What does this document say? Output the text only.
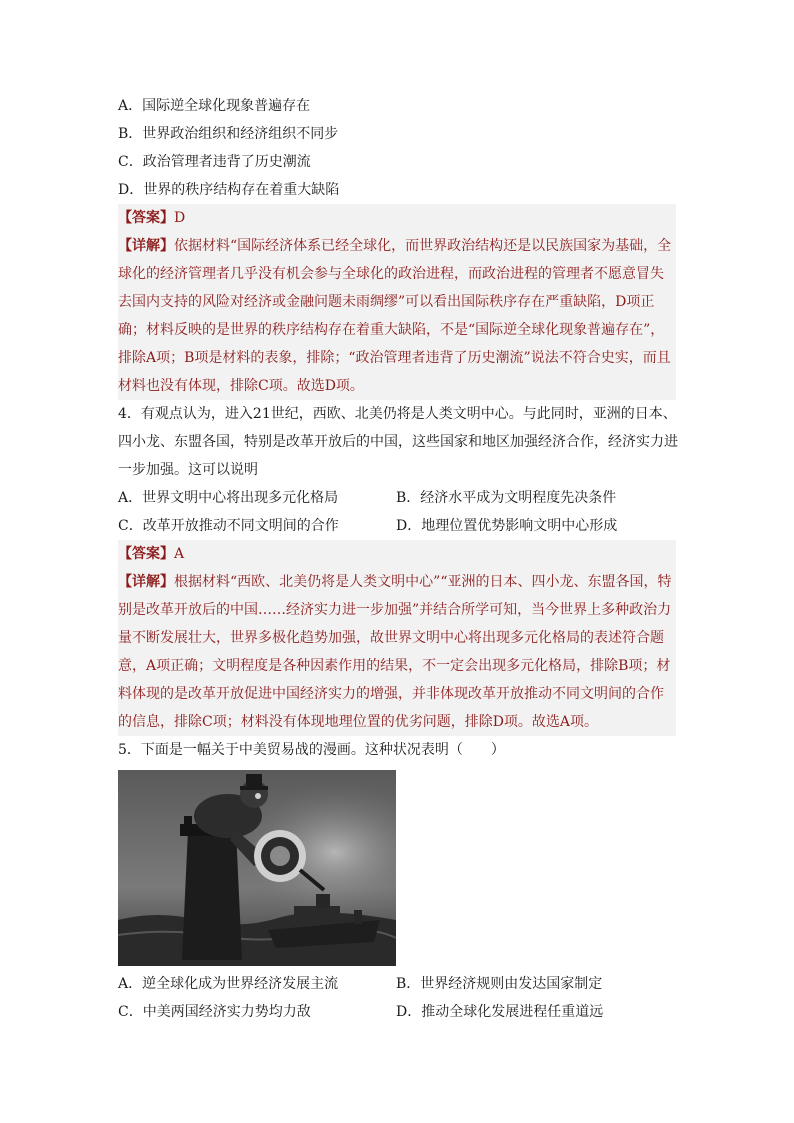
A．国际逆全球化现象普遍存在
B．世界政治组织和经济组织不同步
C．政治管理者违背了历史潮流
D．世界的秩序结构存在着重大缺陷
【答案】D
【详解】依据材料“国际经济体系已经全球化，而世界政治结构还是以民族国家为基础，全球化的经济管理者几乎没有机会参与全球化的政治进程，而政治进程的管理者不愿意冒失去国内支持的风险对经济或金融问题未雨绸缪”可以看出国际秩序存在严重缺陷，D项正确；材料反映的是世界的秩序结构存在着重大缺陷，不是“国际逆全球化现象普遍存在”，排除A项；B项是材料的表象，排除；“政治管理者违背了历史潮流”说法不符合史实，而且材料也没有体现，排除C项。故选D项。
4．有观点认为，进入21世纪，西欧、北美仍将是人类文明中心。与此同时，亚洲的日本、四小龙、东盟各国，特别是改革开放后的中国，这些国家和地区加强经济合作，经济实力进一步加强。这可以说明
A．世界文明中心将出现多元化格局	B．经济水平成为文明程度先决条件
C．改革开放推动不同文明间的合作	D．地理位置优势影响文明中心形成
【答案】A
【详解】根据材料“西欧、北美仍将是人类文明中心”“亚洲的日本、四小龙、东盟各国，特别是改革开放后的中国……经济实力进一步加强”并结合所学可知，当今世界上多种政治力量不断发展壮大，世界多极化趋势加强，故世界文明中心将出现多元化格局的表述符合题意，A项正确；文明程度是各种因素作用的结果，不一定会出现多元化格局，排除B项；材料体现的是改革开放促进中国经济实力的增强，并非体现改革开放推动不同文明间的合作的信息，排除C项；材料没有体现地理位置的优劣问题，排除D项。故选A项。
5．下面是一幅关于中美贸易战的漫画。这种状况表明（　　）
A．逆全球化成为世界经济发展主流	B．世界经济规则由发达国家制定
C．中美两国经济实力势均力敌	D．推动全球化发展进程任重道远
